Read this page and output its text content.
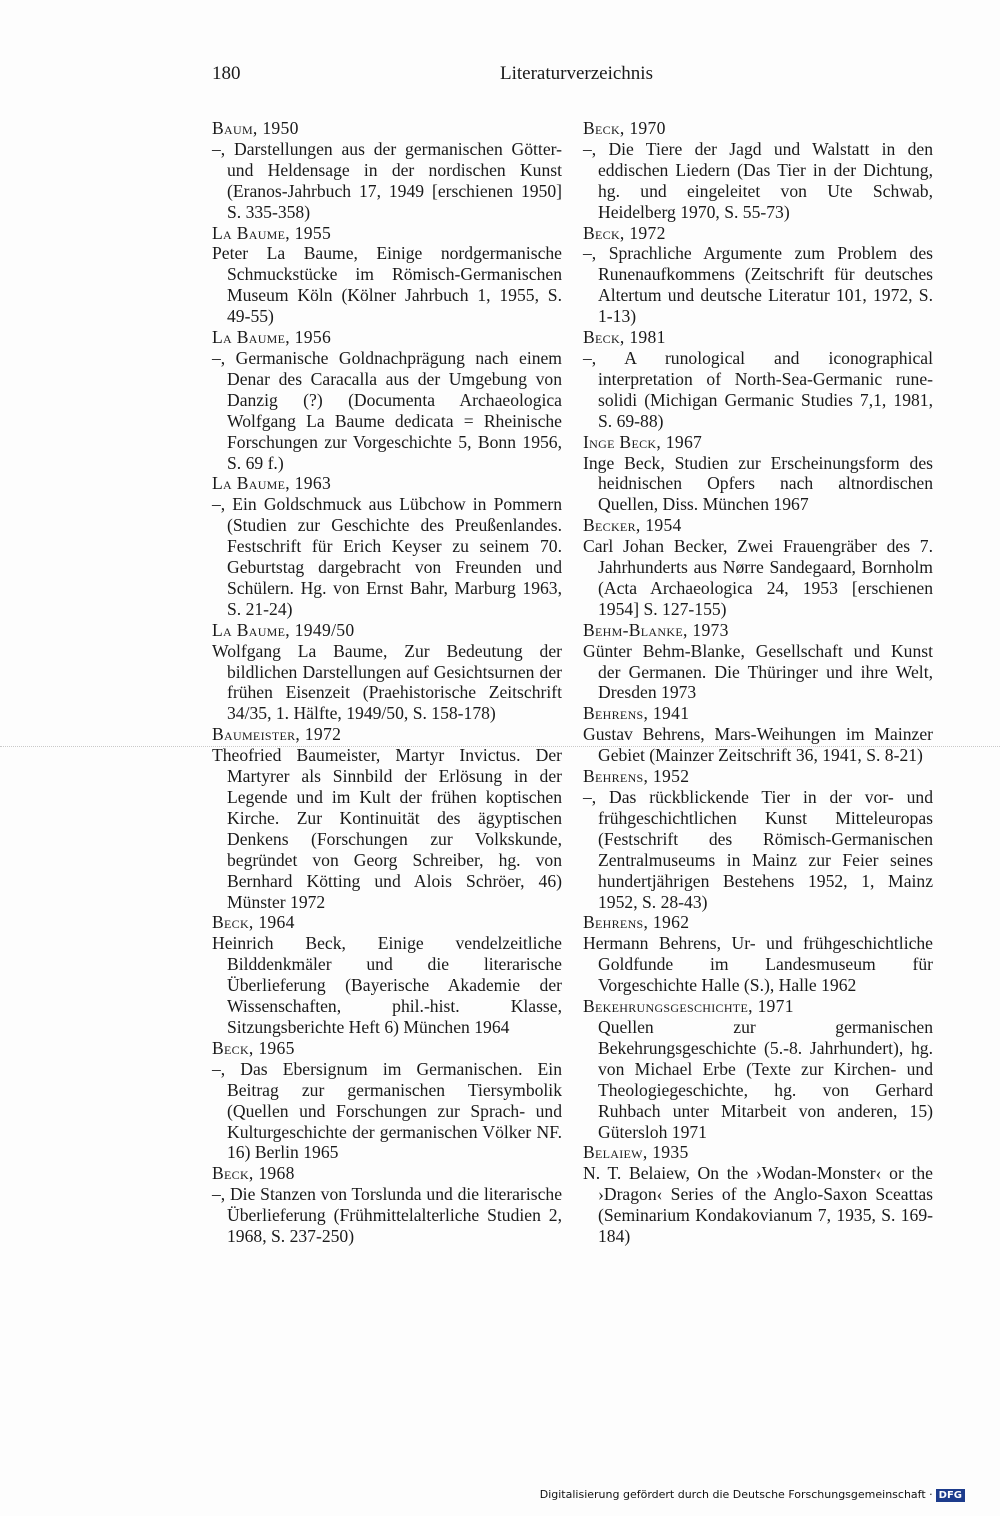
180	Literaturverzeichnis
Baum, 1950
–, Darstellungen aus der germanischen Götter- und Heldensage in der nordischen Kunst (Eranos-Jahrbuch 17, 1949 [erschienen 1950] S. 335-358)
La Baume, 1955
Peter La Baume, Einige nordgermanische Schmuckstücke im Römisch-Germanischen Museum Köln (Kölner Jahrbuch 1, 1955, S. 49-55)
La Baume, 1956
–, Germanische Goldnachprägung nach einem Denar des Caracalla aus der Umgebung von Danzig (?) (Documenta Archaeologica Wolfgang La Baume dedicata = Rheinische Forschungen zur Vorgeschichte 5, Bonn 1956, S. 69 f.)
La Baume, 1963
–, Ein Goldschmuck aus Lübchow in Pommern (Studien zur Geschichte des Preußenlandes. Festschrift für Erich Keyser zu seinem 70. Geburtstag dargebracht von Freunden und Schülern. Hg. von Ernst Bahr, Marburg 1963, S. 21-24)
La Baume, 1949/50
Wolfgang La Baume, Zur Bedeutung der bildlichen Darstellungen auf Gesichtsurnen der frühen Eisenzeit (Praehistorische Zeitschrift 34/35, 1. Hälfte, 1949/50, S. 158-178)
Baumeister, 1972
Theofried Baumeister, Martyr Invictus. Der Martyrer als Sinnbild der Erlösung in der Legende und im Kult der frühen koptischen Kirche. Zur Kontinuität des ägyptischen Denkens (Forschungen zur Volkskunde, begründet von Georg Schreiber, hg. von Bernhard Kötting und Alois Schröer, 46) Münster 1972
Beck, 1964
Heinrich Beck, Einige vendelzeitliche Bilddenkmäler und die literarische Überlieferung (Bayerische Akademie der Wissenschaften, phil.-hist. Klasse, Sitzungsberichte Heft 6) München 1964
Beck, 1965
–, Das Ebersignum im Germanischen. Ein Beitrag zur germanischen Tiersymbolik (Quellen und Forschungen zur Sprach- und Kulturgeschichte der germanischen Völker NF. 16) Berlin 1965
Beck, 1968
–, Die Stanzen von Torslunda und die literarische Überlieferung (Frühmittelalterliche Studien 2, 1968, S. 237-250)
Beck, 1970
–, Die Tiere der Jagd und Walstatt in den eddischen Liedern (Das Tier in der Dichtung, hg. und eingeleitet von Ute Schwab, Heidelberg 1970, S. 55-73)
Beck, 1972
–, Sprachliche Argumente zum Problem des Runenaufkommens (Zeitschrift für deutsches Altertum und deutsche Literatur 101, 1972, S. 1-13)
Beck, 1981
–, A runological and iconographical interpretation of North-Sea-Germanic rune-solidi (Michigan Germanic Studies 7,1, 1981, S. 69-88)
Inge Beck, 1967
Inge Beck, Studien zur Erscheinungsform des heidnischen Opfers nach altnordischen Quellen, Diss. München 1967
Becker, 1954
Carl Johan Becker, Zwei Frauengräber des 7. Jahrhunderts aus Nørre Sandegaard, Bornholm (Acta Archaeologica 24, 1953 [erschienen 1954] S. 127-155)
Behm-Blanke, 1973
Günter Behm-Blanke, Gesellschaft und Kunst der Germanen. Die Thüringer und ihre Welt, Dresden 1973
Behrens, 1941
Gustav Behrens, Mars-Weihungen im Mainzer Gebiet (Mainzer Zeitschrift 36, 1941, S. 8-21)
Behrens, 1952
–, Das rückblickende Tier in der vor- und frühgeschichtlichen Kunst Mitteleuropas (Festschrift des Römisch-Germanischen Zentralmuseums in Mainz zur Feier seines hundertjährigen Bestehens 1952, 1, Mainz 1952, S. 28-43)
Behrens, 1962
Hermann Behrens, Ur- und frühgeschichtliche Goldfunde im Landesmuseum für Vorgeschichte Halle (S.), Halle 1962
Bekehrungsgeschichte, 1971
Quellen zur germanischen Bekehrungsgeschichte (5.-8. Jahrhundert), hg. von Michael Erbe (Texte zur Kirchen- und Theologiegeschichte, hg. von Gerhard Ruhbach unter Mitarbeit von anderen, 15) Gütersloh 1971
Belaiew, 1935
N. T. Belaiew, On the ›Wodan-Monster‹ or the ›Dragon‹ Series of the Anglo-Saxon Sceattas (Seminarium Kondakovianum 7, 1935, S. 169-184)
Digitalisierung gefördert durch die Deutsche Forschungsgemeinschaft · DFG
